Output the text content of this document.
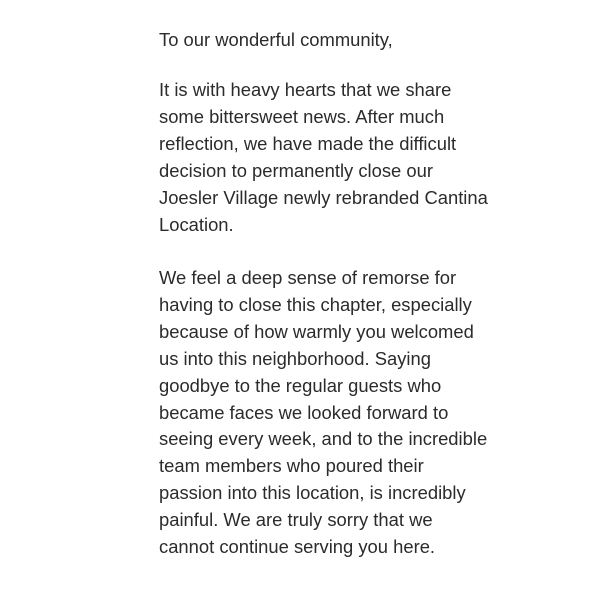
To our wonderful community,
It is with heavy hearts that we share
some bittersweet news. After much
reflection, we have made the difficult
decision to permanently close our
Joesler Village newly rebranded Cantina
Location.
We feel a deep sense of remorse for
having to close this chapter, especially
because of how warmly you welcomed
us into this neighborhood. Saying
goodbye to the regular guests who
became faces we looked forward to
seeing every week, and to the incredible
team members who poured their
passion into this location, is incredibly
painful. We are truly sorry that we
cannot continue serving you here.
